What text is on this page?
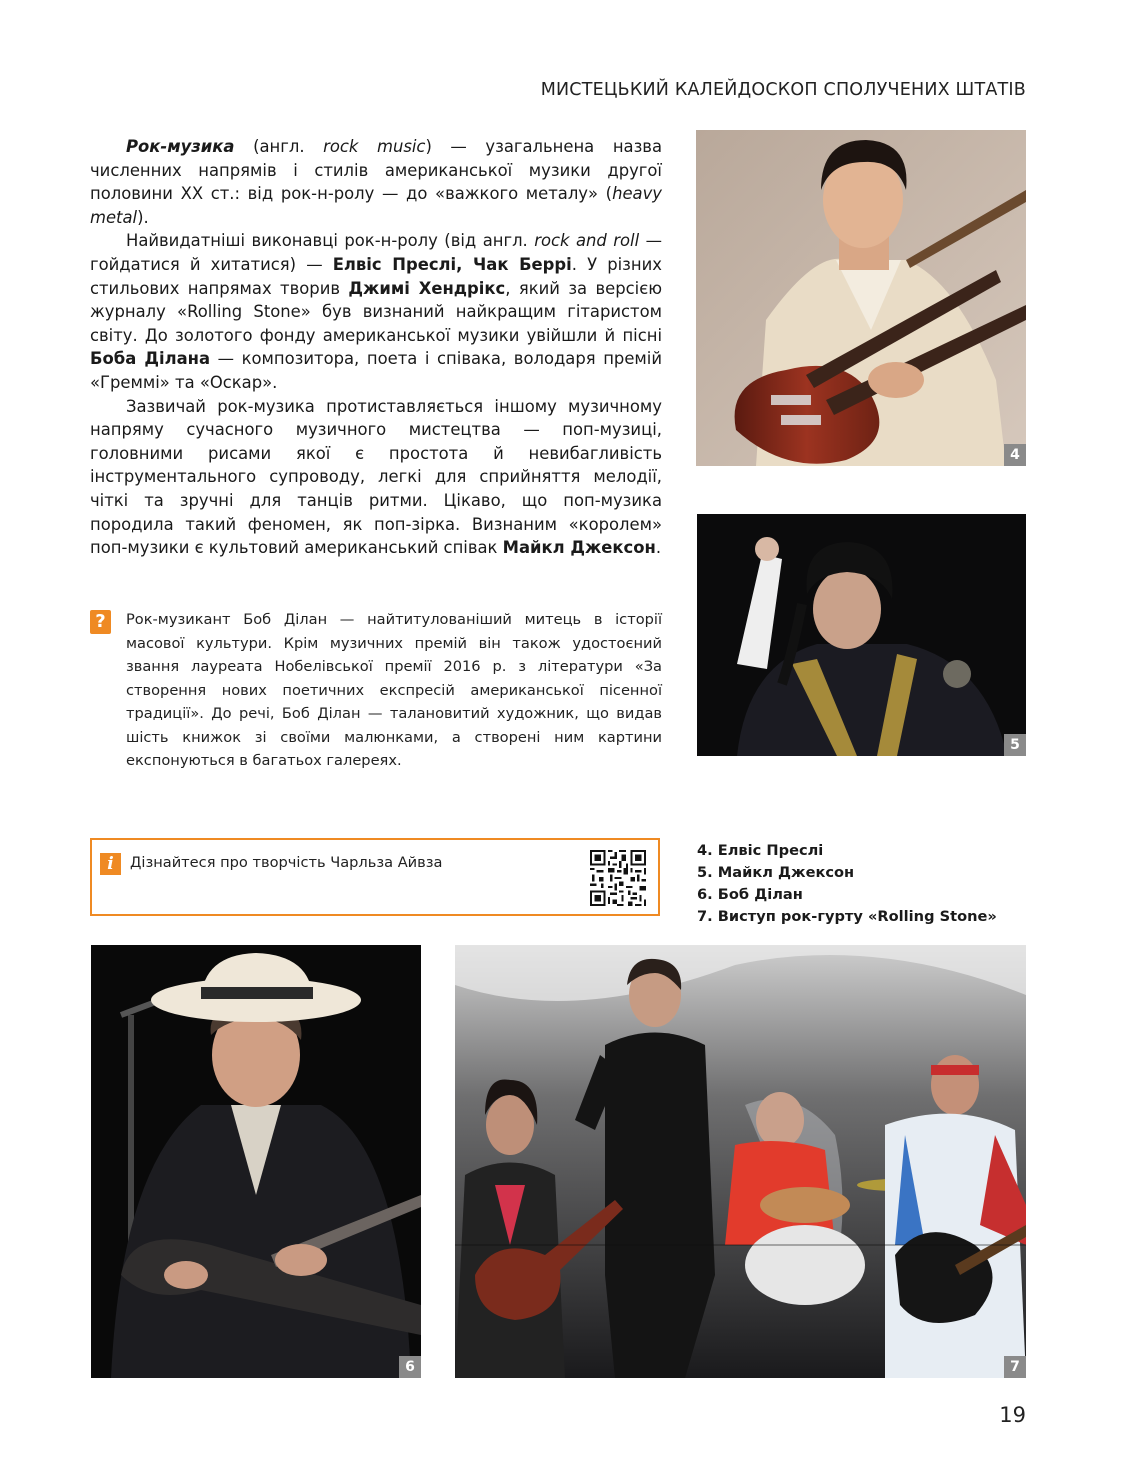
МИСТЕЦЬКИЙ КАЛЕЙДОСКОП СПОЛУЧЕНИХ ШТАТІВ

Рок-музика (англ. rock music) — узагальнена назва численних напрямів і стилів американської музики другої половини XX ст.: від рок-н-ролу — до «важкого металу» (heavy metal).

Найвидатніші виконавці рок-н-ролу (від англ. rock and roll — гойдатися й хитатися) — Елвіс Преслі, Чак Беррі. У різних стильових напрямах творив Джимі Хендрікс, який за версією журналу «Rolling Stone» був визнаний найкращим гітаристом світу. До золотого фонду американської музики увійшли й пісні Боба Ділана — композитора, поета і співака, володаря премій «Греммі» та «Оскар».

Зазвичай рок-музика протиставляється іншому музичному напряму сучасного музичного мистецтва — поп-музиці, головними рисами якої є простота й невибагливість інструментального супроводу, легкі для сприйняття мелодії, чіткі та зручні для танців ритми. Цікаво, що поп-музика породила такий феномен, як поп-зірка. Визнаним «королем» поп-музики є культовий американський співак Майкл Джексон.

?	Рок-музикант Боб Ділан — найтитулованіший митець в історії масової культури. Крім музичних премій він також удостоєний звання лауреата Нобелівської премії 2016 р. з літератури «За створення нових поетичних експресій американської пісенної традиції». До речі, Боб Ділан — талановитий художник, що видав шість книжок зі своїми малюнками, а створені ним картини експонуються в багатьох галереях.
i	Дізнайтеся про творчість Чарльза Айвза
4. Елвіс Преслі
5. Майкл Джексон
6. Боб Ділан
7. Виступ рок-гурту «Rolling Stone»
4
5
6	7
19
